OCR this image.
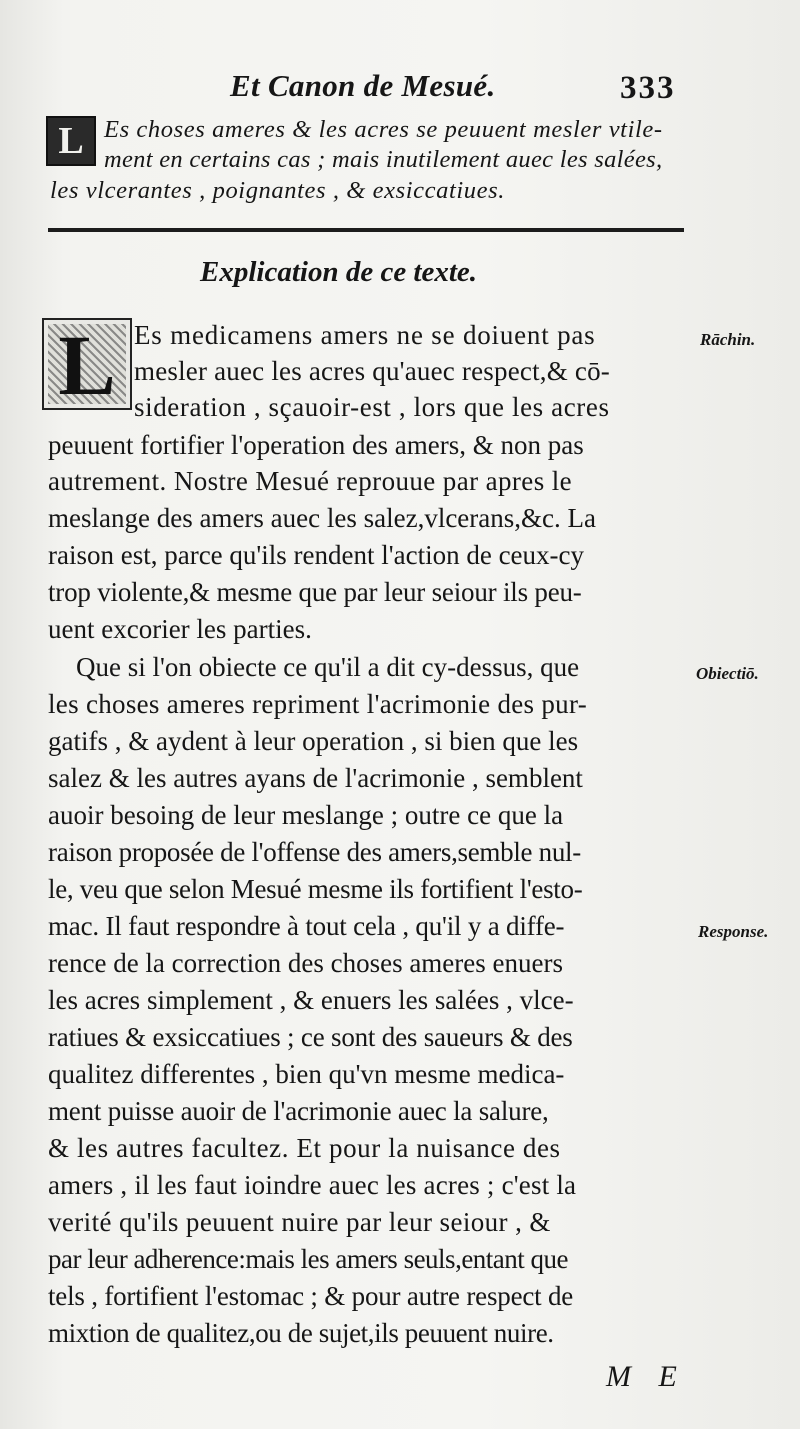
Et Canon de Mesué.	333
L Es choses ameres & les acres se peuuent mesler vtile-
ment en certains cas ; mais inutilement auec les salées,
les vlcerantes , poignantes , & exsiccatiues.
Explication de ce texte.
L Es medicamens amers ne se doiuent pas
mesler auec les acres qu'auec respect,& cō-
sideration , sçauoir-est , lors que les acres
peuuent fortifier l'operation des amers, & non pas
autrement. Nostre Mesué reprouue par apres le
meslange des amers auec les salez,vlcerans,&c. La
raison est, parce qu'ils rendent l'action de ceux-cy
trop violente,& mesme que par leur seiour ils peu-
uent excorier les parties.
Que si l'on obiecte ce qu'il a dit cy-dessus, que
les choses ameres repriment l'acrimonie des pur-
gatifs , & aydent à leur operation , si bien que les
salez & les autres ayans de l'acrimonie , semblent
auoir besoing de leur meslange ; outre ce que la
raison proposée de l'offense des amers,semble nul-
le, veu que selon Mesué mesme ils fortifient l'esto-
mac. Il faut respondre à tout cela , qu'il y a diffe-
rence de la correction des choses ameres enuers
les acres simplement , & enuers les salées , vlce-
ratiues & exsiccatiues ; ce sont des saueurs & des
qualitez differentes , bien qu'vn mesme medica-
ment puisse auoir de l'acrimonie auec la salure,
& les autres facultez. Et pour la nuisance des
amers , il les faut ioindre auec les acres ; c'est la
verité qu'ils peuuent nuire par leur seiour , &
par leur adherence:mais les amers seuls,entant que
tels , fortifient l'estomac ; & pour autre respect de
mixtion de qualitez,ou de sujet,ils peuuent nuire.
Rāchin.
Obiectiō.
Response.
M E
